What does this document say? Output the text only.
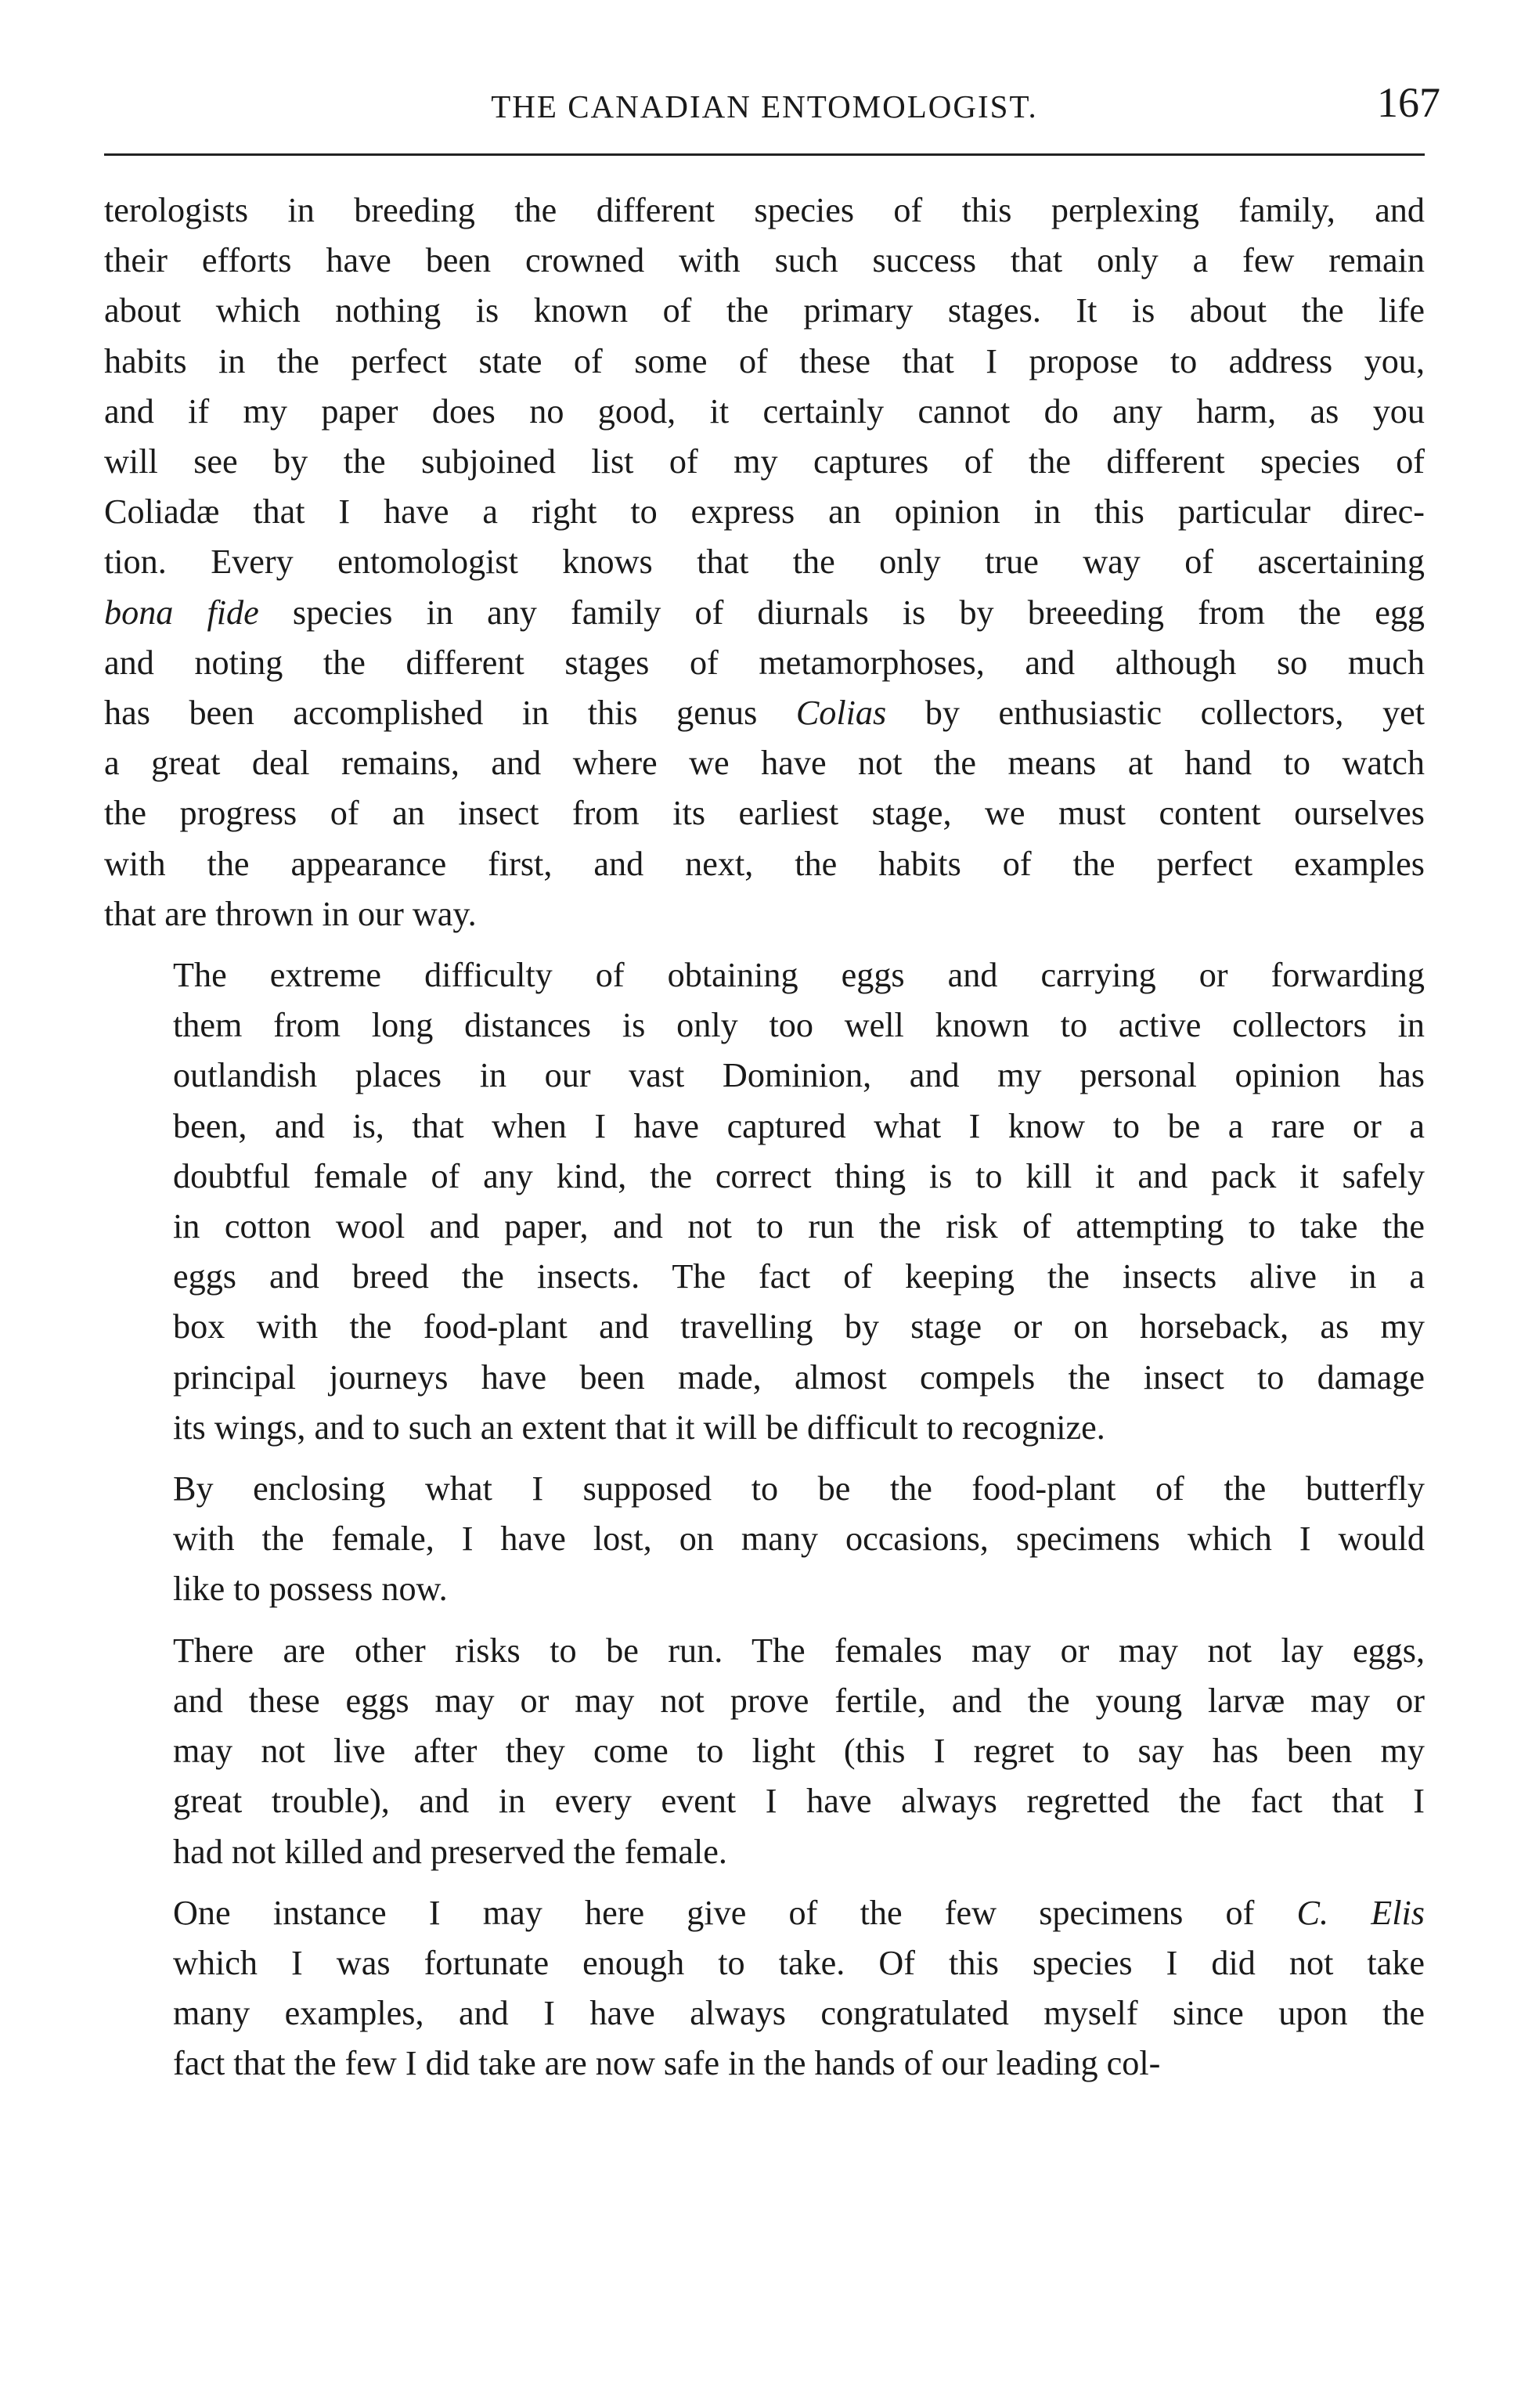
THE CANADIAN ENTOMOLOGIST.	167

terologists in breeding the different species of this perplexing family, and
their efforts have been crowned with such success that only a few remain
about which nothing is known of the primary stages. It is about the life
habits in the perfect state of some of these that I propose to address you,
and if my paper does no good, it certainly cannot do any harm, as you
will see by the subjoined list of my captures of the different species of
Coliadæ that I have a right to express an opinion in this particular direc-
tion. Every entomologist knows that the only true way of ascertaining
bona fide species in any family of diurnals is by breeeding from the egg
and noting the different stages of metamorphoses, and although so much
has been accomplished in this genus Colias by enthusiastic collectors, yet
a great deal remains, and where we have not the means at hand to watch
the progress of an insect from its earliest stage, we must content ourselves
with the appearance first, and next, the habits of the perfect examples
that are thrown in our way.

The extreme difficulty of obtaining eggs and carrying or forwarding
them from long distances is only too well known to active collectors in
outlandish places in our vast Dominion, and my personal opinion has
been, and is, that when I have captured what I know to be a rare or a
doubtful female of any kind, the correct thing is to kill it and pack it safely
in cotton wool and paper, and not to run the risk of attempting to take the
eggs and breed the insects. The fact of keeping the insects alive in a
box with the food-plant and travelling by stage or on horseback, as my
principal journeys have been made, almost compels the insect to damage
its wings, and to such an extent that it will be difficult to recognize.

By enclosing what I supposed to be the food-plant of the butterfly
with the female, I have lost, on many occasions, specimens which I would
like to possess now.

There are other risks to be run. The females may or may not lay eggs,
and these eggs may or may not prove fertile, and the young larvæ may or
may not live after they come to light (this I regret to say has been my
great trouble), and in every event I have always regretted the fact that I
had not killed and preserved the female.

One instance I may here give of the few specimens of C. Elis
which I was fortunate enough to take. Of this species I did not take
many examples, and I have always congratulated myself since upon the
fact that the few I did take are now safe in the hands of our leading col-
